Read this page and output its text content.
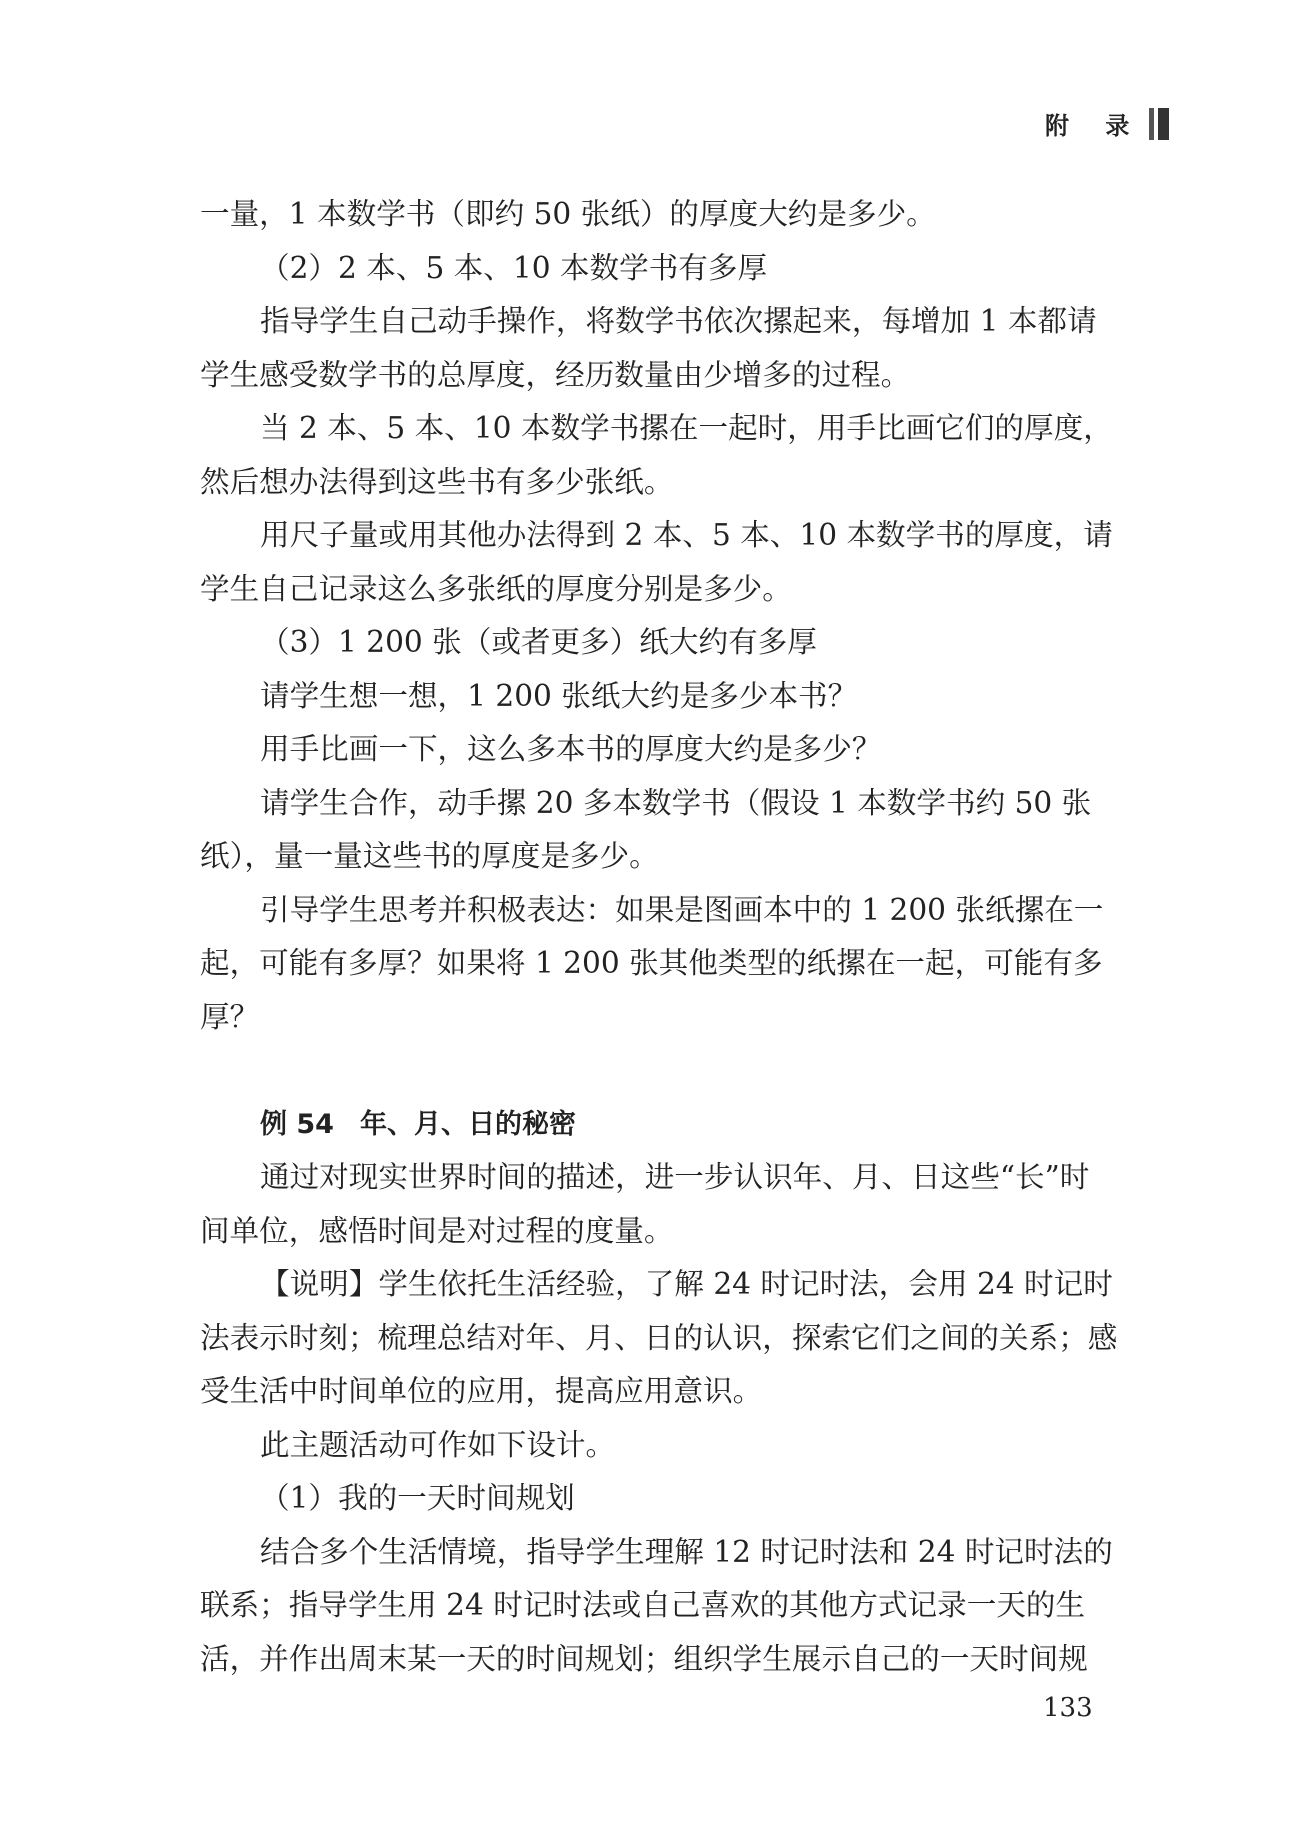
附 录

一量，1 本数学书（即约 50 张纸）的厚度大约是多少。

（2）2 本、5 本、10 本数学书有多厚

指导学生自己动手操作，将数学书依次摞起来，每增加 1 本都请学生感受数学书的总厚度，经历数量由少增多的过程。

当 2 本、5 本、10 本数学书摞在一起时，用手比画它们的厚度，然后想办法得到这些书有多少张纸。

用尺子量或用其他办法得到 2 本、5 本、10 本数学书的厚度，请学生自己记录这么多张纸的厚度分别是多少。

（3）1 200 张（或者更多）纸大约有多厚

请学生想一想，1 200 张纸大约是多少本书？

用手比画一下，这么多本书的厚度大约是多少？

请学生合作，动手摞 20 多本数学书（假设 1 本数学书约 50 张纸），量一量这些书的厚度是多少。

引导学生思考并积极表达：如果是图画本中的 1 200 张纸摞在一起，可能有多厚？如果将 1 200 张其他类型的纸摞在一起，可能有多厚？

例 54 年、月、日的秘密

通过对现实世界时间的描述，进一步认识年、月、日这些“长”时间单位，感悟时间是对过程的度量。

【说明】学生依托生活经验，了解 24 时记时法，会用 24 时记时法表示时刻；梳理总结对年、月、日的认识，探索它们之间的关系；感受生活中时间单位的应用，提高应用意识。

此主题活动可作如下设计。

（1）我的一天时间规划

结合多个生活情境，指导学生理解 12 时记时法和 24 时记时法的联系；指导学生用 24 时记时法或自己喜欢的其他方式记录一天的生活，并作出周末某一天的时间规划；组织学生展示自己的一天时间规

133
